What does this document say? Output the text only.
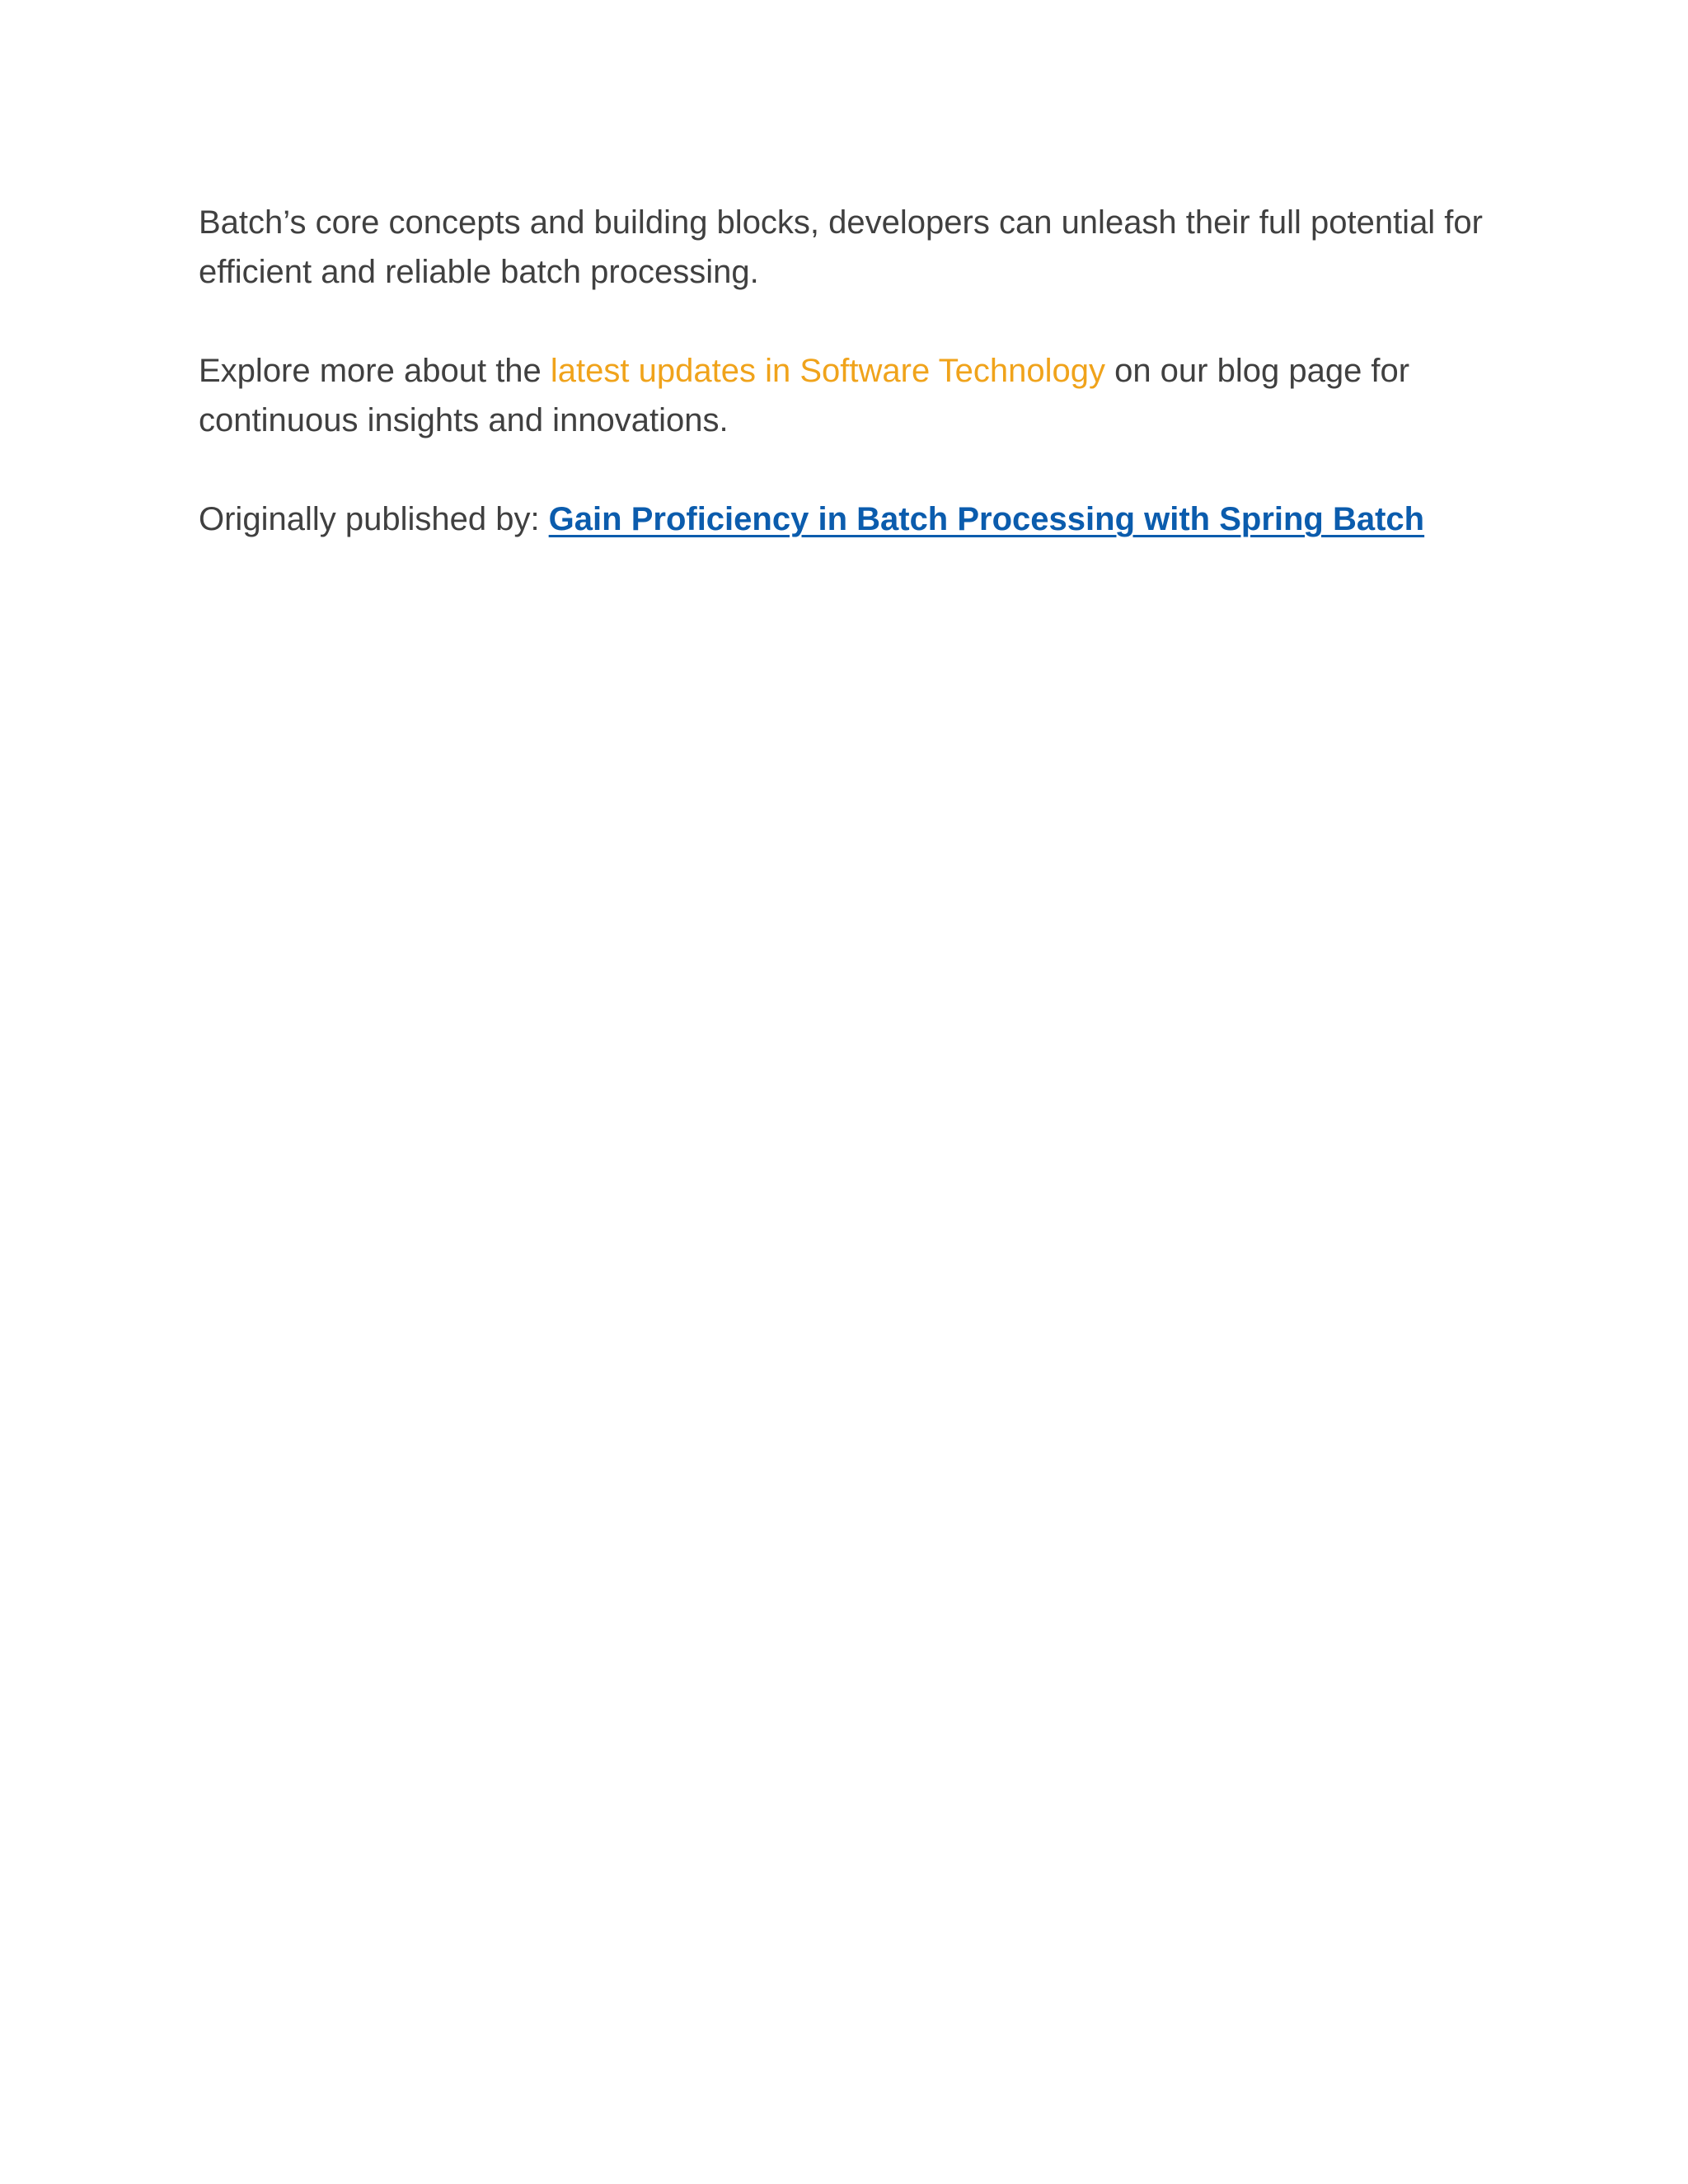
Batch’s core concepts and building blocks, developers can unleash their full potential for efficient and reliable batch processing.

Explore more about the latest updates in Software Technology on our blog page for continuous insights and innovations.

Originally published by: Gain Proficiency in Batch Processing with Spring Batch
